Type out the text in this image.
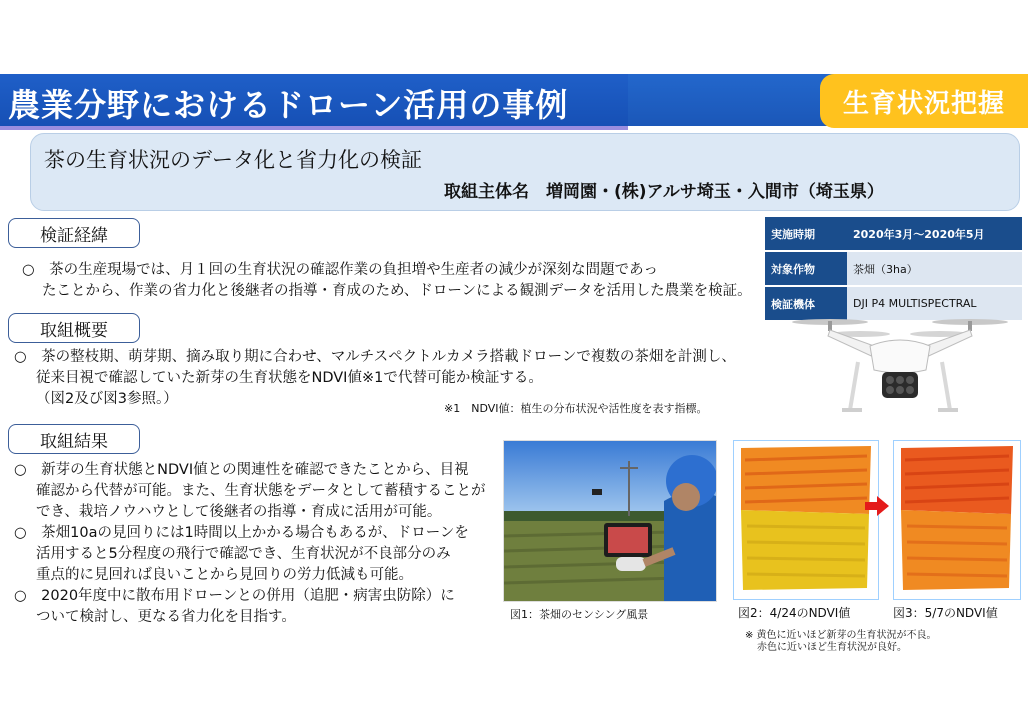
農業分野におけるドローン活用の事例	生育状況把握
茶の生育状況のデータ化と省力化の検証
取組主体名　増岡園・(株)アルサ埼玉・入間市（埼玉県）
実施時期	2020年3月〜2020年5月
対象作物	茶畑（3ha）
検証機体	DJI P4 MULTISPECTRAL
検証経緯
○　茶の生産現場では、月１回の生育状況の確認作業の負担増や生産者の減少が深刻な問題であっ
たことから、作業の省力化と後継者の指導・育成のため、ドローンによる観測データを活用した農業を検証。
取組概要
○　茶の整枝期、萌芽期、摘み取り期に合わせ、マルチスペクトルカメラ搭載ドローンで複数の茶畑を計測し、
従来目視で確認していた新芽の生育状態をNDVI値※1で代替可能か検証する。
（図2及び図3参照。）
※1　NDVI値：植生の分布状況や活性度を表す指標。
取組結果
○　新芽の生育状態とNDVI値との関連性を確認できたことから、目視
確認から代替が可能。また、生育状態をデータとして蓄積することが
でき、栽培ノウハウとして後継者の指導・育成に活用が可能。
○　茶畑10aの見回りには1時間以上かかる場合もあるが、ドローンを
活用すると5分程度の飛行で確認でき、生育状況が不良部分のみ
重点的に見回れば良いことから見回りの労力低減も可能。
○　2020年度中に散布用ドローンとの併用（追肥・病害虫防除）に
ついて検討し、更なる省力化を目指す。	図1：茶畑のセンシング風景	図2：4/24のNDVI値	図3：5/7のNDVI値
※ 黄色に近いほど新芽の生育状況が不良。
赤色に近いほど生育状況が良好。
